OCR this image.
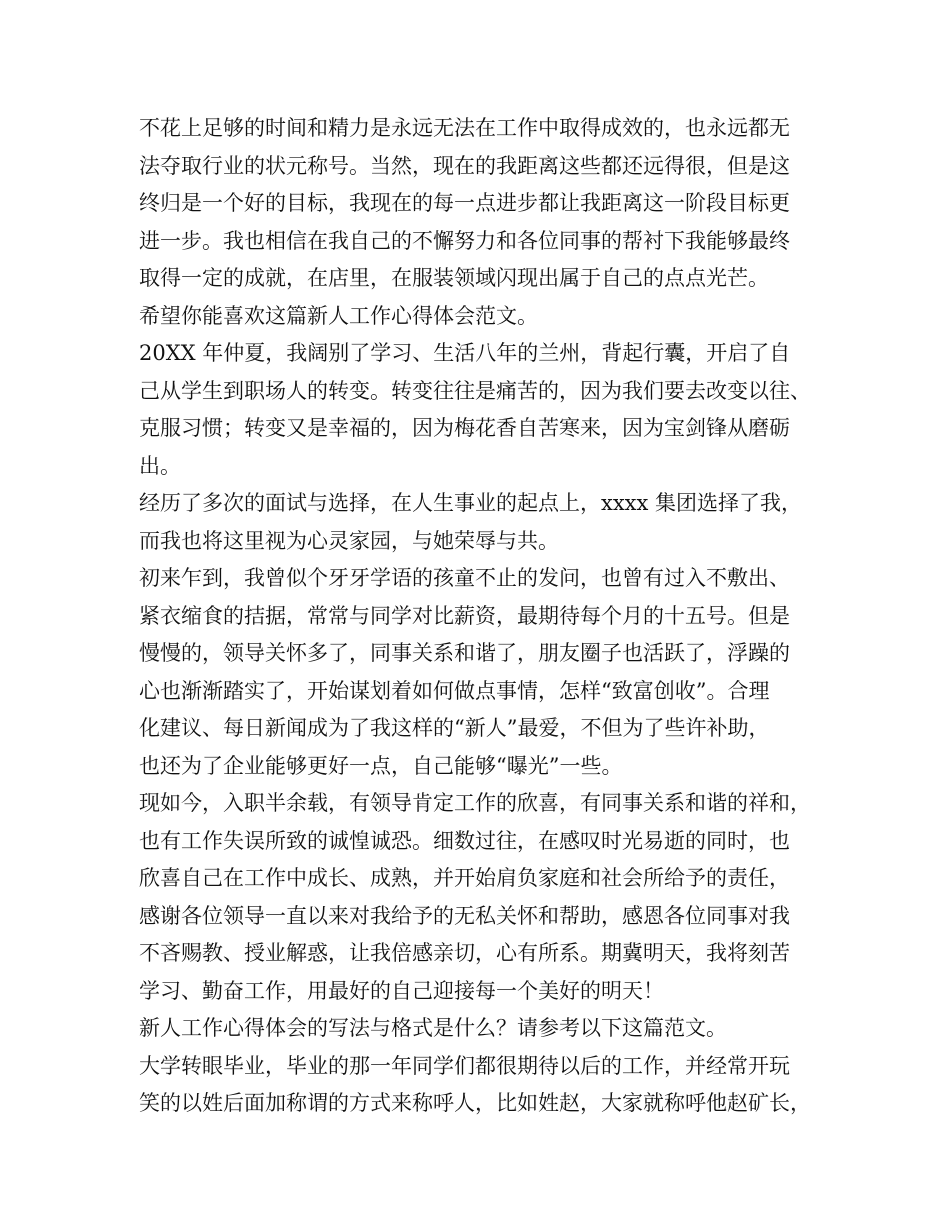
不花上足够的时间和精力是永远无法在工作中取得成效的，也永远都无
法夺取行业的状元称号。当然，现在的我距离这些都还远得很，但是这
终归是一个好的目标，我现在的每一点进步都让我距离这一阶段目标更
进一步。我也相信在我自己的不懈努力和各位同事的帮衬下我能够最终
取得一定的成就，在店里，在服装领域闪现出属于自己的点点光芒。
希望你能喜欢这篇新人工作心得体会范文。
20XX 年仲夏，我阔别了学习、生活八年的兰州，背起行囊，开启了自
己从学生到职场人的转变。转变往往是痛苦的，因为我们要去改变以往、
克服习惯；转变又是幸福的，因为梅花香自苦寒来，因为宝剑锋从磨砺
出。
经历了多次的面试与选择，在人生事业的起点上，xxxx 集团选择了我，
而我也将这里视为心灵家园，与她荣辱与共。
初来乍到，我曾似个牙牙学语的孩童不止的发问，也曾有过入不敷出、
紧衣缩食的拮据，常常与同学对比薪资，最期待每个月的十五号。但是
慢慢的，领导关怀多了，同事关系和谐了，朋友圈子也活跃了，浮躁的
心也渐渐踏实了，开始谋划着如何做点事情，怎样“致富创收”。合理
化建议、每日新闻成为了我这样的“新人”最爱，不但为了些许补助，
也还为了企业能够更好一点，自己能够“曝光”一些。
现如今，入职半余载，有领导肯定工作的欣喜，有同事关系和谐的祥和，
也有工作失误所致的诚惶诚恐。细数过往，在感叹时光易逝的同时，也
欣喜自己在工作中成长、成熟，并开始肩负家庭和社会所给予的责任，
感谢各位领导一直以来对我给予的无私关怀和帮助，感恩各位同事对我
不吝赐教、授业解惑，让我倍感亲切，心有所系。期冀明天，我将刻苦
学习、勤奋工作，用最好的自己迎接每一个美好的明天！
新人工作心得体会的写法与格式是什么？请参考以下这篇范文。
大学转眼毕业，毕业的那一年同学们都很期待以后的工作，并经常开玩
笑的以姓后面加称谓的方式来称呼人，比如姓赵，大家就称呼他赵矿长，
